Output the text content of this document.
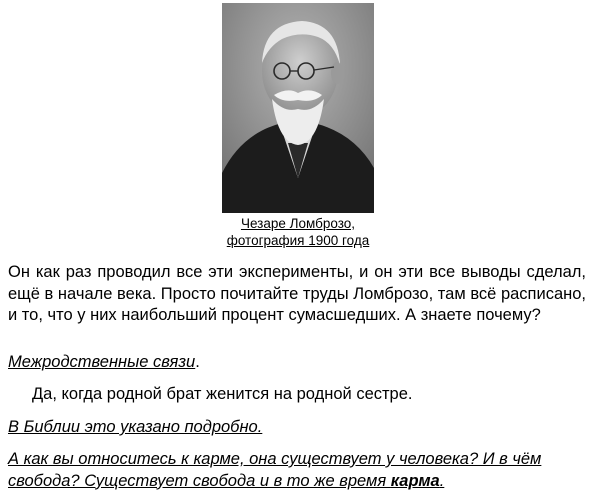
Чезаре Ломброзо,
фотография 1900 года
Он как раз проводил все эти эксперименты, и он эти все выводы сделал, ещё в начале века. Просто почитайте труды Ломброзо, там всё расписано, и то, что у них наибольший процент сумасшедших. А знаете почему?
Межродственные связи.
Да, когда родной брат женится на родной сестре.
В Библии это указано подробно.
А как вы относитесь к карме, она существует у человека? И в чём свобода? Существует свобода и в то же время карма.
